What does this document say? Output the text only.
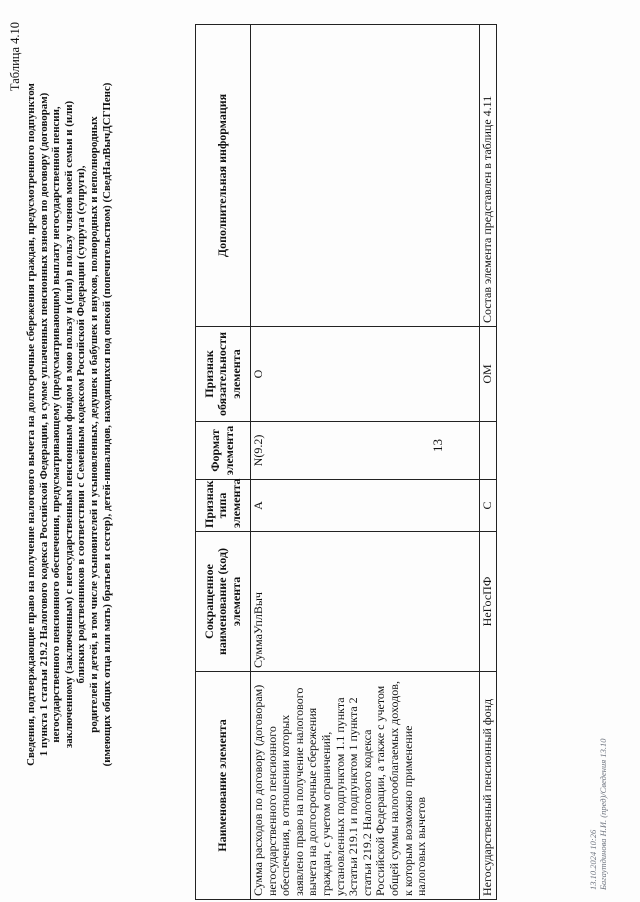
13
Таблица 4.10
Сведения, подтверждающие право на получение налогового вычета на долгосрочные сбережения граждан, предусмотренного подпунктом 1 пункта 1 статьи 219.2 Налогового кодекса Российской Федерации, в сумме уплаченных пенсионных взносов по договору (договорам) негосударственного пенсионного обеспечения, предусматривающему (предусматривающим) выплату негосударственной пенсии, заключенному (заключенным) с негосударственным пенсионным фондом в мою пользу и (или) в пользу членов моей семьи и (или) близких родственников в соответствии с Семейным кодексом Российской Федерации (супруга (супруги), родителей и детей, в том числе усыновителей и усыновленных, дедушек и бабушек и внуков, полнородных и неполнородных (имеющих общих отца или мать) братьев и сестер), детей-инвалидов, находящихся под опекой (попечительством) (СведНалВычДСГПенс)
Наименование элемента	Сокращенное наименование (код) элемента	Признак типа элемента	Формат элемента	Признак обязательности элемента	Дополнительная информация
Сумма расходов по договору (договорам) негосударственного пенсионного обеспечения, в отношении которых заявлено право на получение налогового вычета на долгосрочные сбережения граждан, с учетом ограничений, установленных подпунктом 1.1 пункта 3статьи 219.1 и подпунктом 1 пункта 2 статьи 219.2 Налогового кодекса Российской Федерации, а также с учетом общей суммы налогооблагаемых доходов, к которым возможно применение налоговых вычетов	СуммаУплВыч	А	N(9.2)	О	
Негосударственный пенсионный фонд	НеГосПФ	С		ОМ	Состав элемента представлен в таблице 4.11
13.10.2024 10:26 Багаутдинова Н.И. (пред)/Сведения 13.10
